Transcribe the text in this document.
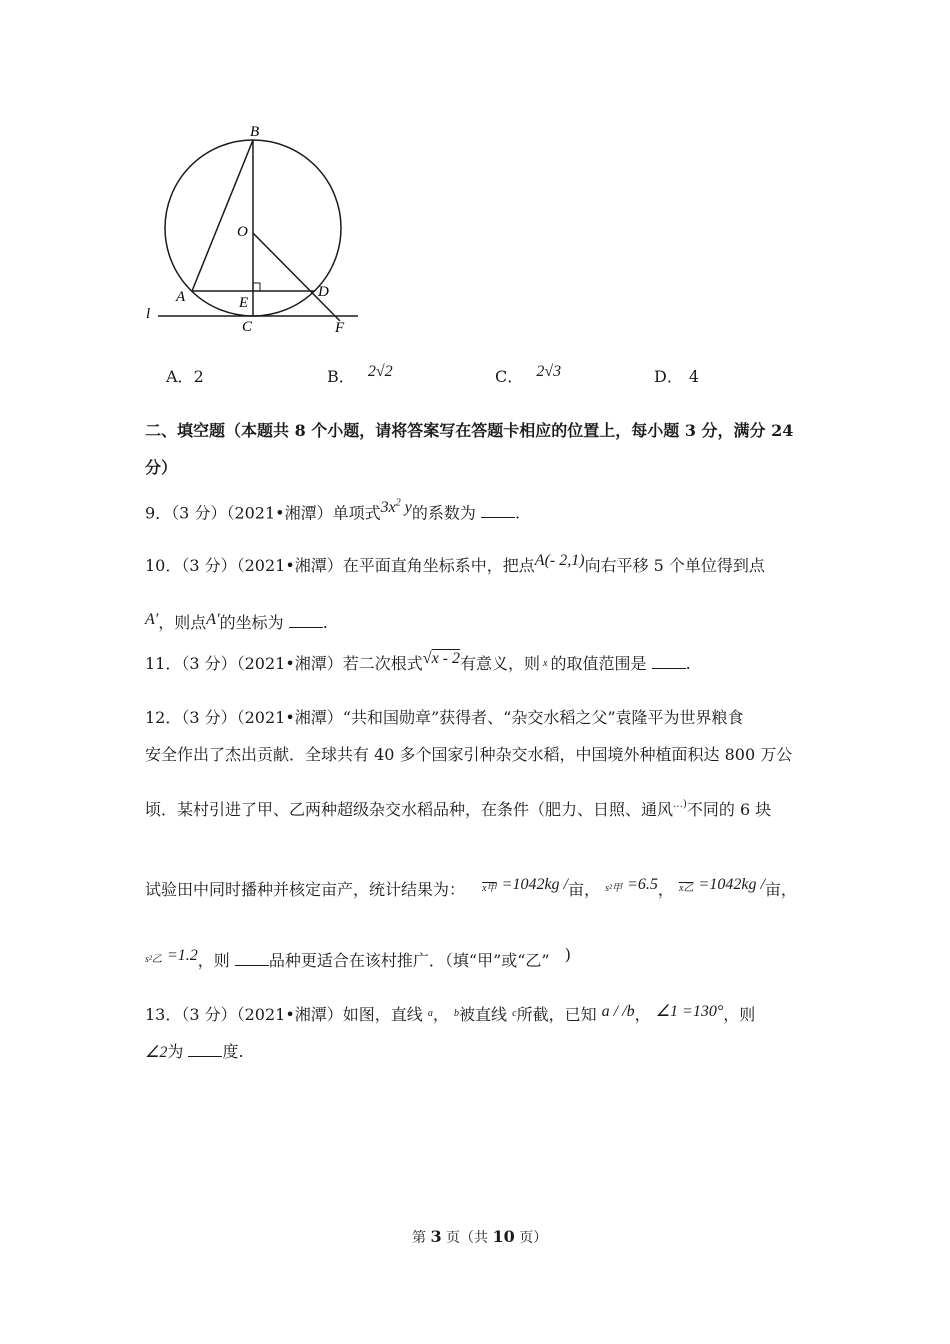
B
O
A	E
D
l
C	F
A．2	B． 2√2	C． 2√3	D． 4
二、填空题（本题共 8 个小题，请将答案写在答题卡相应的位置上，每小题 3 分，满分 24
分）
9．（3 分）（2021•湘潭）单项式$3x^2$ y的系数为 .
10．（3 分）（2021•湘潭）在平面直角坐标系中，把点A(- 2,1)向右平移 5 个单位得到点
A′，则点A′的坐标为 .
11．（3 分）（2021•湘潭）若二次根式√x - 2有意义，则 x 的取值范围是 .
12．（3 分）（2021•湘潭）“共和国勋章”获得者、“杂交水稻之父”袁隆平为世界粮食
安全作出了杰出贡献．全球共有 40 多个国家引种杂交水稻，中国境外种植面积达 800 万公
顷．某村引进了甲、乙两种超级杂交水稻品种，在条件（肥力、日照、通风…)不同的 6 块
试验田中同时播种并核定亩产，统计结果为： $^{x甲}$ =1042kg /亩， $^{s^2甲}$ =6.5， $^{x乙}$ =1042kg /亩，
$^{s^2乙}$ =1.2，则 品种更适合在该村推广．（填“甲”或“乙” )
13．（3 分）（2021•湘潭）如图，直线 $^a$， $^b$被直线 $^c$所截，已知 a / /b， ∠1 =130°，则
∠2为 度.
第 3 页（共 10 页）
